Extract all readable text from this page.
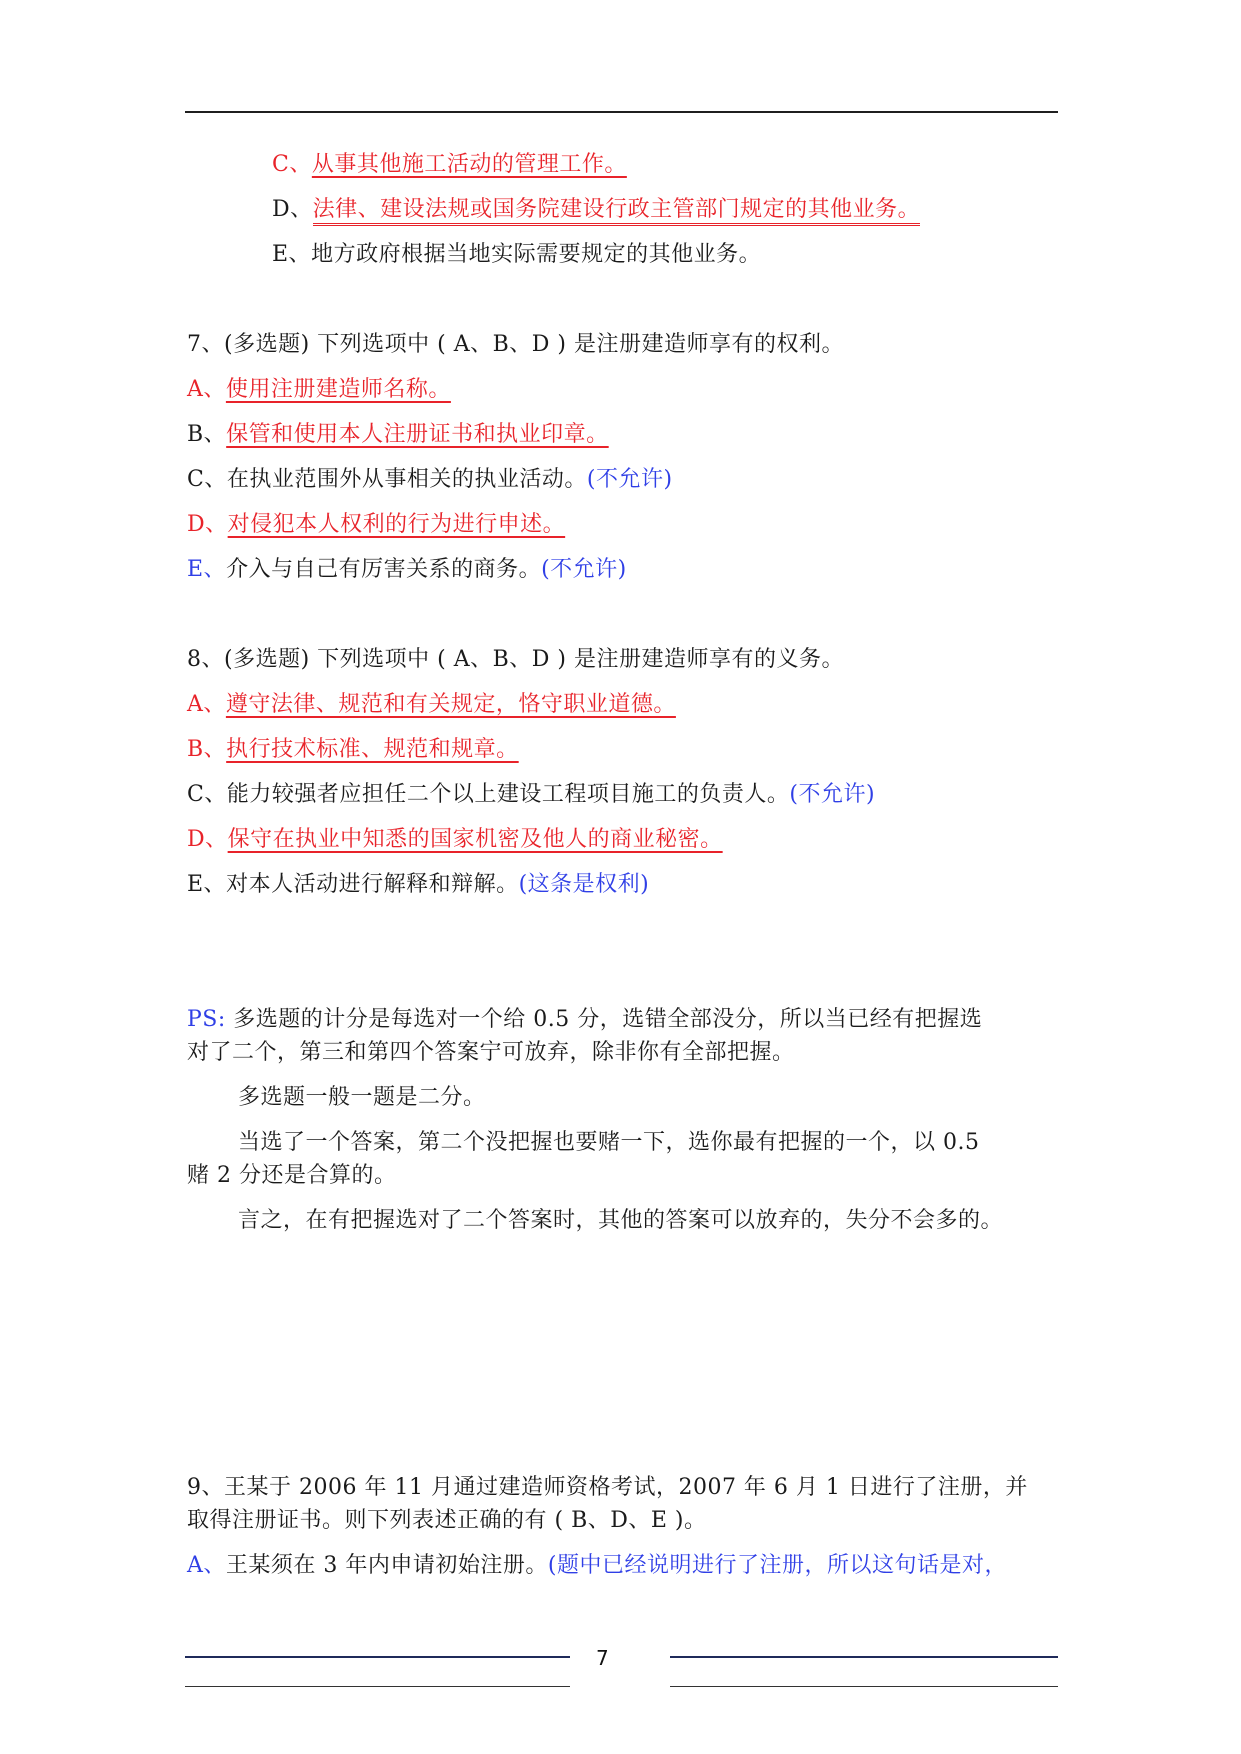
C、从事其他施工活动的管理工作。
D、法律、建设法规或国务院建设行政主管部门规定的其他业务。
E、地方政府根据当地实际需要规定的其他业务。
7、(多选题) 下列选项中 ( A、B、D ) 是注册建造师享有的权利。
A、使用注册建造师名称。
B、保管和使用本人注册证书和执业印章。
C、在执业范围外从事相关的执业活动。(不允许)
D、对侵犯本人权利的行为进行申述。
E、介入与自己有厉害关系的商务。(不允许)
8、(多选题) 下列选项中 ( A、B、D ) 是注册建造师享有的义务。
A、遵守法律、规范和有关规定，恪守职业道德。
B、执行技术标准、规范和规章。
C、能力较强者应担任二个以上建设工程项目施工的负责人。(不允许)
D、保守在执业中知悉的国家机密及他人的商业秘密。
E、对本人活动进行解释和辩解。(这条是权利)
PS: 多选题的计分是每选对一个给 0.5 分，选错全部没分，所以当已经有把握选
对了二个，第三和第四个答案宁可放弃，除非你有全部把握。
多选题一般一题是二分。
当选了一个答案，第二个没把握也要赌一下，选你最有把握的一个，以 0.5
赌 2 分还是合算的。
言之，在有把握选对了二个答案时，其他的答案可以放弃的，失分不会多的。
9、王某于 2006 年 11 月通过建造师资格考试，2007 年 6 月 1 日进行了注册，并
取得注册证书。则下列表述正确的有 ( B、D、E )。
A、王某须在 3 年内申请初始注册。(题中已经说明进行了注册，所以这句话是对，
7
